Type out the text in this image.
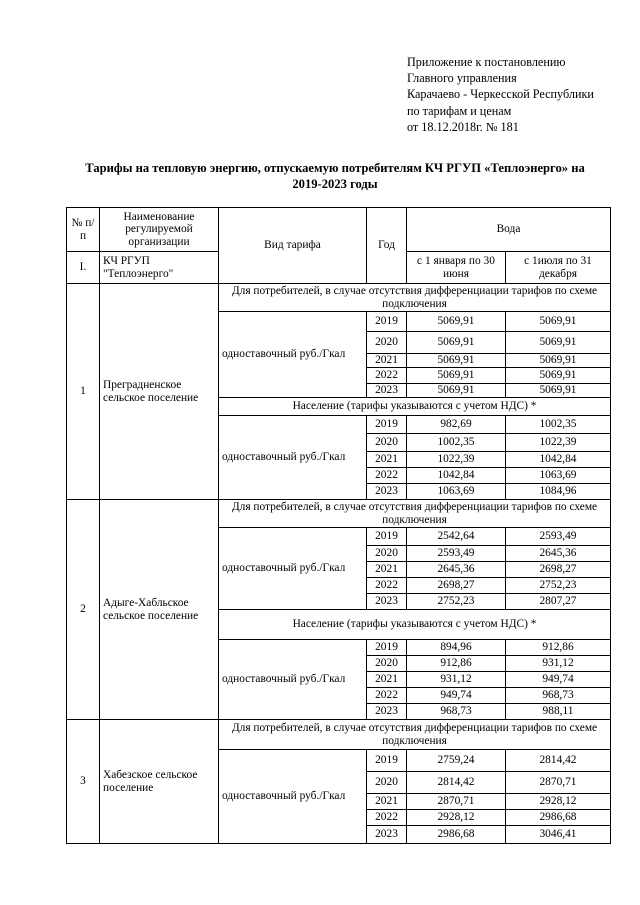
Приложение к постановлению
Главного управления
Карачаево - Черкесской Республики
по тарифам и ценам
от 18.12.2018г. № 181
Тарифы на тепловую энергию, отпускаемую потребителям КЧ РГУП «Теплоэнерго» на
2019-2023 годы
№ п/п	Наименование регулируемой организации	Вид тарифа	Год	Вода	
I.	КЧ РГУП "Теплоэнерго"			с 1 января по 30 июня	с 1июля по 31 декабря
1	Преградненское сельское поселение	Для потребителей, в случае отсутствия дифференциации тарифов по схеме подключения			
		одноставочный руб./Гкал	2019	5069,91	5069,91
			2020	5069,91	5069,91
			2021	5069,91	5069,91
			2022	5069,91	5069,91
			2023	5069,91	5069,91
		Население (тарифы указываются с учетом НДС) *			
		одноставочный руб./Гкал	2019	982,69	1002,35
			2020	1002,35	1022,39
			2021	1022,39	1042,84
			2022	1042,84	1063,69
			2023	1063,69	1084,96
2	Адыге-Хабльское сельское поселение	Для потребителей, в случае отсутствия дифференциации тарифов по схеме подключения			
		одноставочный руб./Гкал	2019	2542,64	2593,49
			2020	2593,49	2645,36
			2021	2645,36	2698,27
			2022	2698,27	2752,23
			2023	2752,23	2807,27
		Население (тарифы указываются с учетом НДС) *			
		одноставочный руб./Гкал	2019	894,96	912,86
			2020	912,86	931,12
			2021	931,12	949,74
			2022	949,74	968,73
			2023	968,73	988,11
3	Хабезское сельское поселение	Для потребителей, в случае отсутствия дифференциации тарифов по схеме подключения			
		одноставочный руб./Гкал	2019	2759,24	2814,42
			2020	2814,42	2870,71
			2021	2870,71	2928,12
			2022	2928,12	2986,68
			2023	2986,68	3046,41
